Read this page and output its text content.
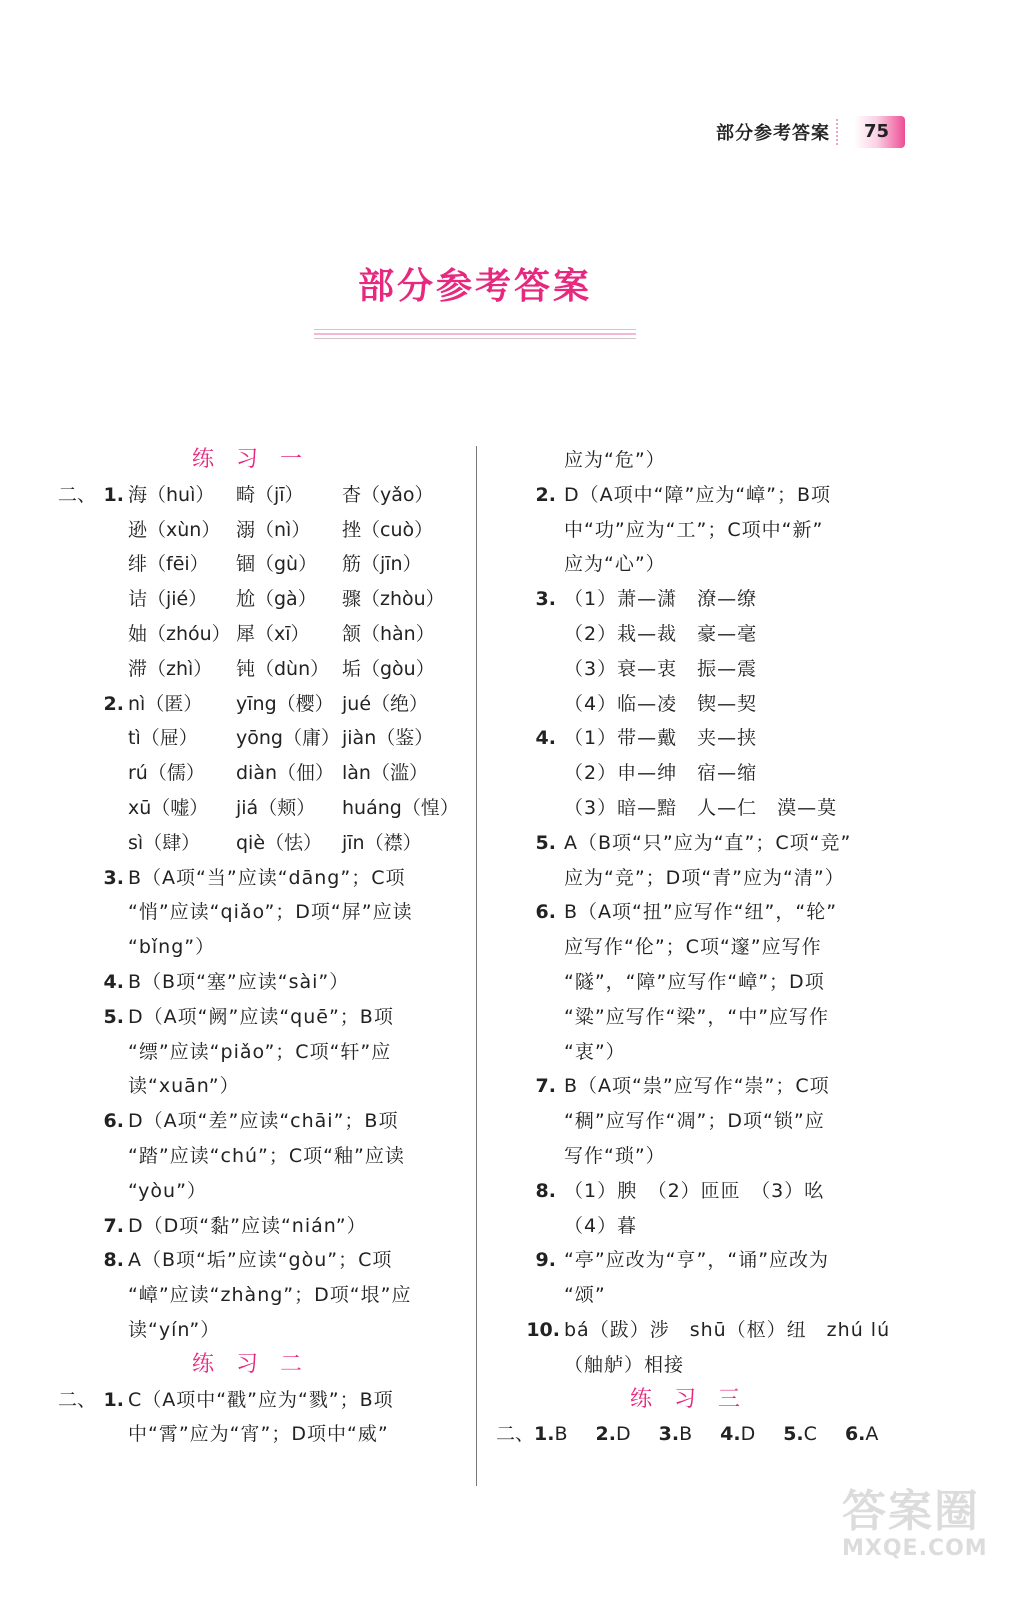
部分参考答案	75
部分参考答案
练习一
二、 1. 海（huì） 畸（jī） 杳（yǎo）
逊（xùn） 溺（nì） 挫（cuò）
绯（fēi） 锢（gù） 筋（jīn）
诘（jié） 尬（gà） 骤（zhòu）
妯（zhóu） 犀（xī） 颔（hàn）
滞（zhì） 钝（dùn） 垢（gòu）
2. nì（匿） yīng（樱） jué（绝）
tì（屉） yōng（庸） jiàn（鉴）
rú（儒） diàn（佃） làn（滥）
xū（嘘） jiá（颊） huáng（惶）
sì（肆） qiè（怯） jīn（襟）
3. B（A项“当”应读“dāng”；C项
“悄”应读“qiǎo”；D项“屏”应读
“bǐng”）
4. B（B项“塞”应读“sài”）
5. D（A项“阙”应读“quē”；B项
“缥”应读“piǎo”；C项“轩”应
读“xuān”）
6. D（A项“差”应读“chāi”；B项
“踏”应读“chú”；C项“釉”应读
“yòu”）
7. D（D项“黏”应读“nián”）
8. A（B项“垢”应读“gòu”；C项
“嶂”应读“zhàng”；D项“垠”应
读“yín”）
练习二
二、 1. C（A项中“戳”应为“戮”；B项
中“霄”应为“宵”；D项中“威”
应为“危”）
2. D（A项中“障”应为“嶂”；B项
中“功”应为“工”；C项中“新”
应为“心”）
3. （1）萧—潇　潦—缭
（2）栽—裁　豪—毫
（3）衰—衷　振—震
（4）临—凌　锲—契
4. （1）带—戴　夹—挟
（2）申—绅　宿—缩
（3）暗—黯　人—仁　漠—莫
5. A（B项“只”应为“直”；C项“竞”
应为“竞”；D项“青”应为“清”）
6. B（A项“扭”应写作“纽”，“轮”
应写作“伦”；C项“邃”应写作
“隧”，“障”应写作“嶂”；D项
“粱”应写作“梁”，“中”应写作
“衷”）
7. B（A项“祟”应写作“崇”；C项
“稠”应写作“凋”；D项“锁”应
写作“琐”）
8. （1）腴　（2）匝匝　（3）吆
（4）暮
9. “亭”应改为“亨”，“诵”应改为
“颂”
10. bá（跋）涉　shū（枢）纽　zhú lú
（舳舻）相接
练习三
二、1.B 2.D 3.B 4.D 5.C 6.A
答案圈
MXQE.COM
